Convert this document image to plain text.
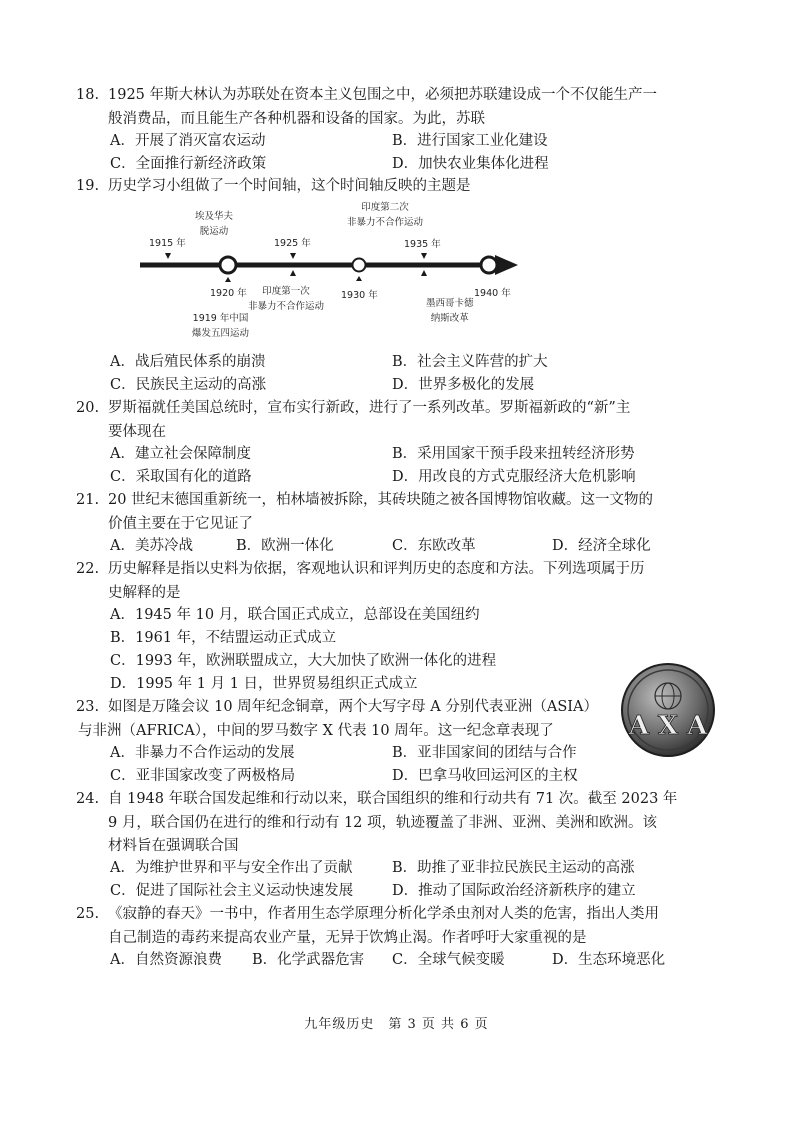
18. 1925 年斯大林认为苏联处在资本主义包围之中，必须把苏联建设成一个不仅能生产一
般消费品，而且能生产各种机器和设备的国家。为此，苏联
A．开展了消灭富农运动	B．进行国家工业化建设
C．全面推行新经济政策	D．加快农业集体化进程
19. 历史学习小组做了一个时间轴，这个时间轴反映的主题是
1915 年
埃及华夫
脱运动
1920 年
1919 年中国
爆发五四运动
1925 年
印度第一次
非暴力不合作运动
1930 年
印度第二次
非暴力不合作运动
1935 年
墨西哥卡德
纳斯改革
1940 年
A．战后殖民体系的崩溃	B．社会主义阵营的扩大
C．民族民主运动的高涨	D．世界多极化的发展
20. 罗斯福就任美国总统时，宣布实行新政，进行了一系列改革。罗斯福新政的“新”主
要体现在
A．建立社会保障制度	B．采用国家干预手段来扭转经济形势
C．采取国有化的道路	D．用改良的方式克服经济大危机影响
21. 20 世纪末德国重新统一，柏林墙被拆除，其砖块随之被各国博物馆收藏。这一文物的
价值主要在于它见证了
A．美苏冷战	B．欧洲一体化	C．东欧改革	D．经济全球化
22. 历史解释是指以史料为依据，客观地认识和评判历史的态度和方法。下列选项属于历
史解释的是
A．1945 年 10 月，联合国正式成立，总部设在美国纽约
B．1961 年，不结盟运动正式成立
C．1993 年，欧洲联盟成立，大大加快了欧洲一体化的进程
D．1995 年 1 月 1 日，世界贸易组织正式成立
23. 如图是万隆会议 10 周年纪念铜章，两个大写字母 A 分别代表亚洲（ASIA）
与非洲（AFRICA），中间的罗马数字 X 代表 10 周年。这一纪念章表现了
A．非暴力不合作运动的发展	B．亚非国家间的团结与合作
C．亚非国家改变了两极格局	D．巴拿马收回运河区的主权
A X A
24. 自 1948 年联合国发起维和行动以来，联合国组织的维和行动共有 71 次。截至 2023 年
9 月，联合国仍在进行的维和行动有 12 项，轨迹覆盖了非洲、亚洲、美洲和欧洲。该
材料旨在强调联合国
A．为维护世界和平与安全作出了贡献	B．助推了亚非拉民族民主运动的高涨
C．促进了国际社会主义运动快速发展	D．推动了国际政治经济新秩序的建立
25. 《寂静的春天》一书中，作者用生态学原理分析化学杀虫剂对人类的危害，指出人类用
自己制造的毒药来提高农业产量，无异于饮鸩止渴。作者呼吁大家重视的是
A．自然资源浪费 B．化学武器危害 C．全球气候变暖	D．生态环境恶化
九年级历史　第 3 页 共 6 页
